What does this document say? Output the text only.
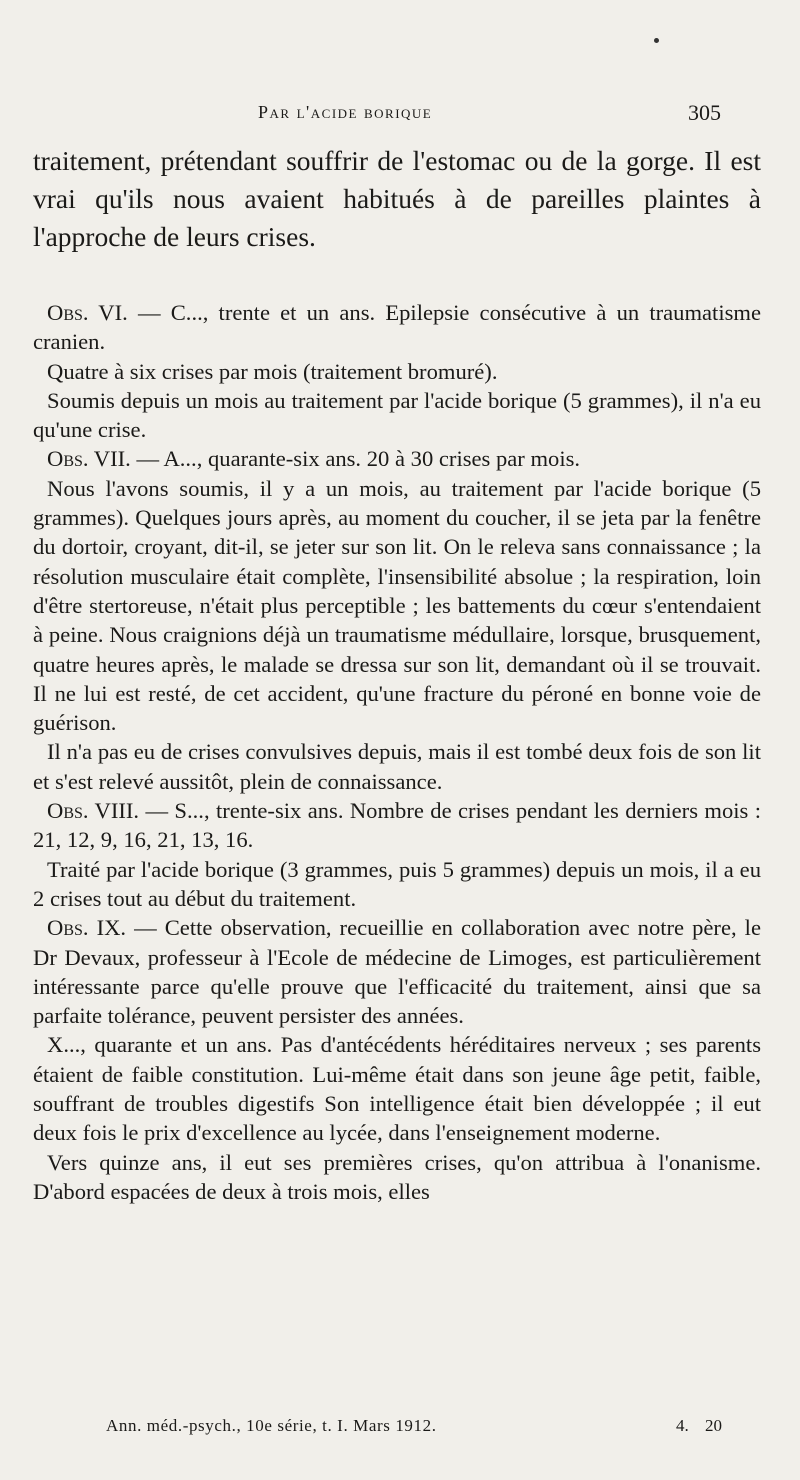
Par l'acide borique	305

traitement, prétendant souffrir de l'estomac ou de la gorge. Il est vrai qu'ils nous avaient habitués à de pareilles plaintes à l'approche de leurs crises.

Obs. VI. — C..., trente et un ans. Epilepsie consécutive à un traumatisme cranien.

Quatre à six crises par mois (traitement bromuré).

Soumis depuis un mois au traitement par l'acide borique (5 grammes), il n'a eu qu'une crise.

Obs. VII. — A..., quarante-six ans. 20 à 30 crises par mois.

Nous l'avons soumis, il y a un mois, au traitement par l'acide borique (5 grammes). Quelques jours après, au moment du coucher, il se jeta par la fenêtre du dortoir, croyant, dit-il, se jeter sur son lit. On le releva sans connaissance ; la résolution musculaire était complète, l'insensibilité absolue ; la respiration, loin d'être stertoreuse, n'était plus perceptible ; les battements du cœur s'entendaient à peine. Nous craignions déjà un traumatisme médullaire, lorsque, brusquement, quatre heures après, le malade se dressa sur son lit, demandant où il se trouvait. Il ne lui est resté, de cet accident, qu'une fracture du péroné en bonne voie de guérison.

Il n'a pas eu de crises convulsives depuis, mais il est tombé deux fois de son lit et s'est relevé aussitôt, plein de connaissance.

Obs. VIII. — S..., trente-six ans. Nombre de crises pendant les derniers mois : 21, 12, 9, 16, 21, 13, 16.

Traité par l'acide borique (3 grammes, puis 5 grammes) depuis un mois, il a eu 2 crises tout au début du traitement.

Obs. IX. — Cette observation, recueillie en collaboration avec notre père, le Dr Devaux, professeur à l'Ecole de médecine de Limoges, est particulièrement intéressante parce qu'elle prouve que l'efficacité du traitement, ainsi que sa parfaite tolérance, peuvent persister des années.

X..., quarante et un ans. Pas d'antécédents héréditaires nerveux ; ses parents étaient de faible constitution. Lui-même était dans son jeune âge petit, faible, souffrant de troubles digestifs Son intelligence était bien développée ; il eut deux fois le prix d'excellence au lycée, dans l'enseignement moderne.

Vers quinze ans, il eut ses premières crises, qu'on attribua à l'onanisme. D'abord espacées de deux à trois mois, elles

Ann. méd.-psych., 10e série, t. I. Mars 1912.	4. 20
